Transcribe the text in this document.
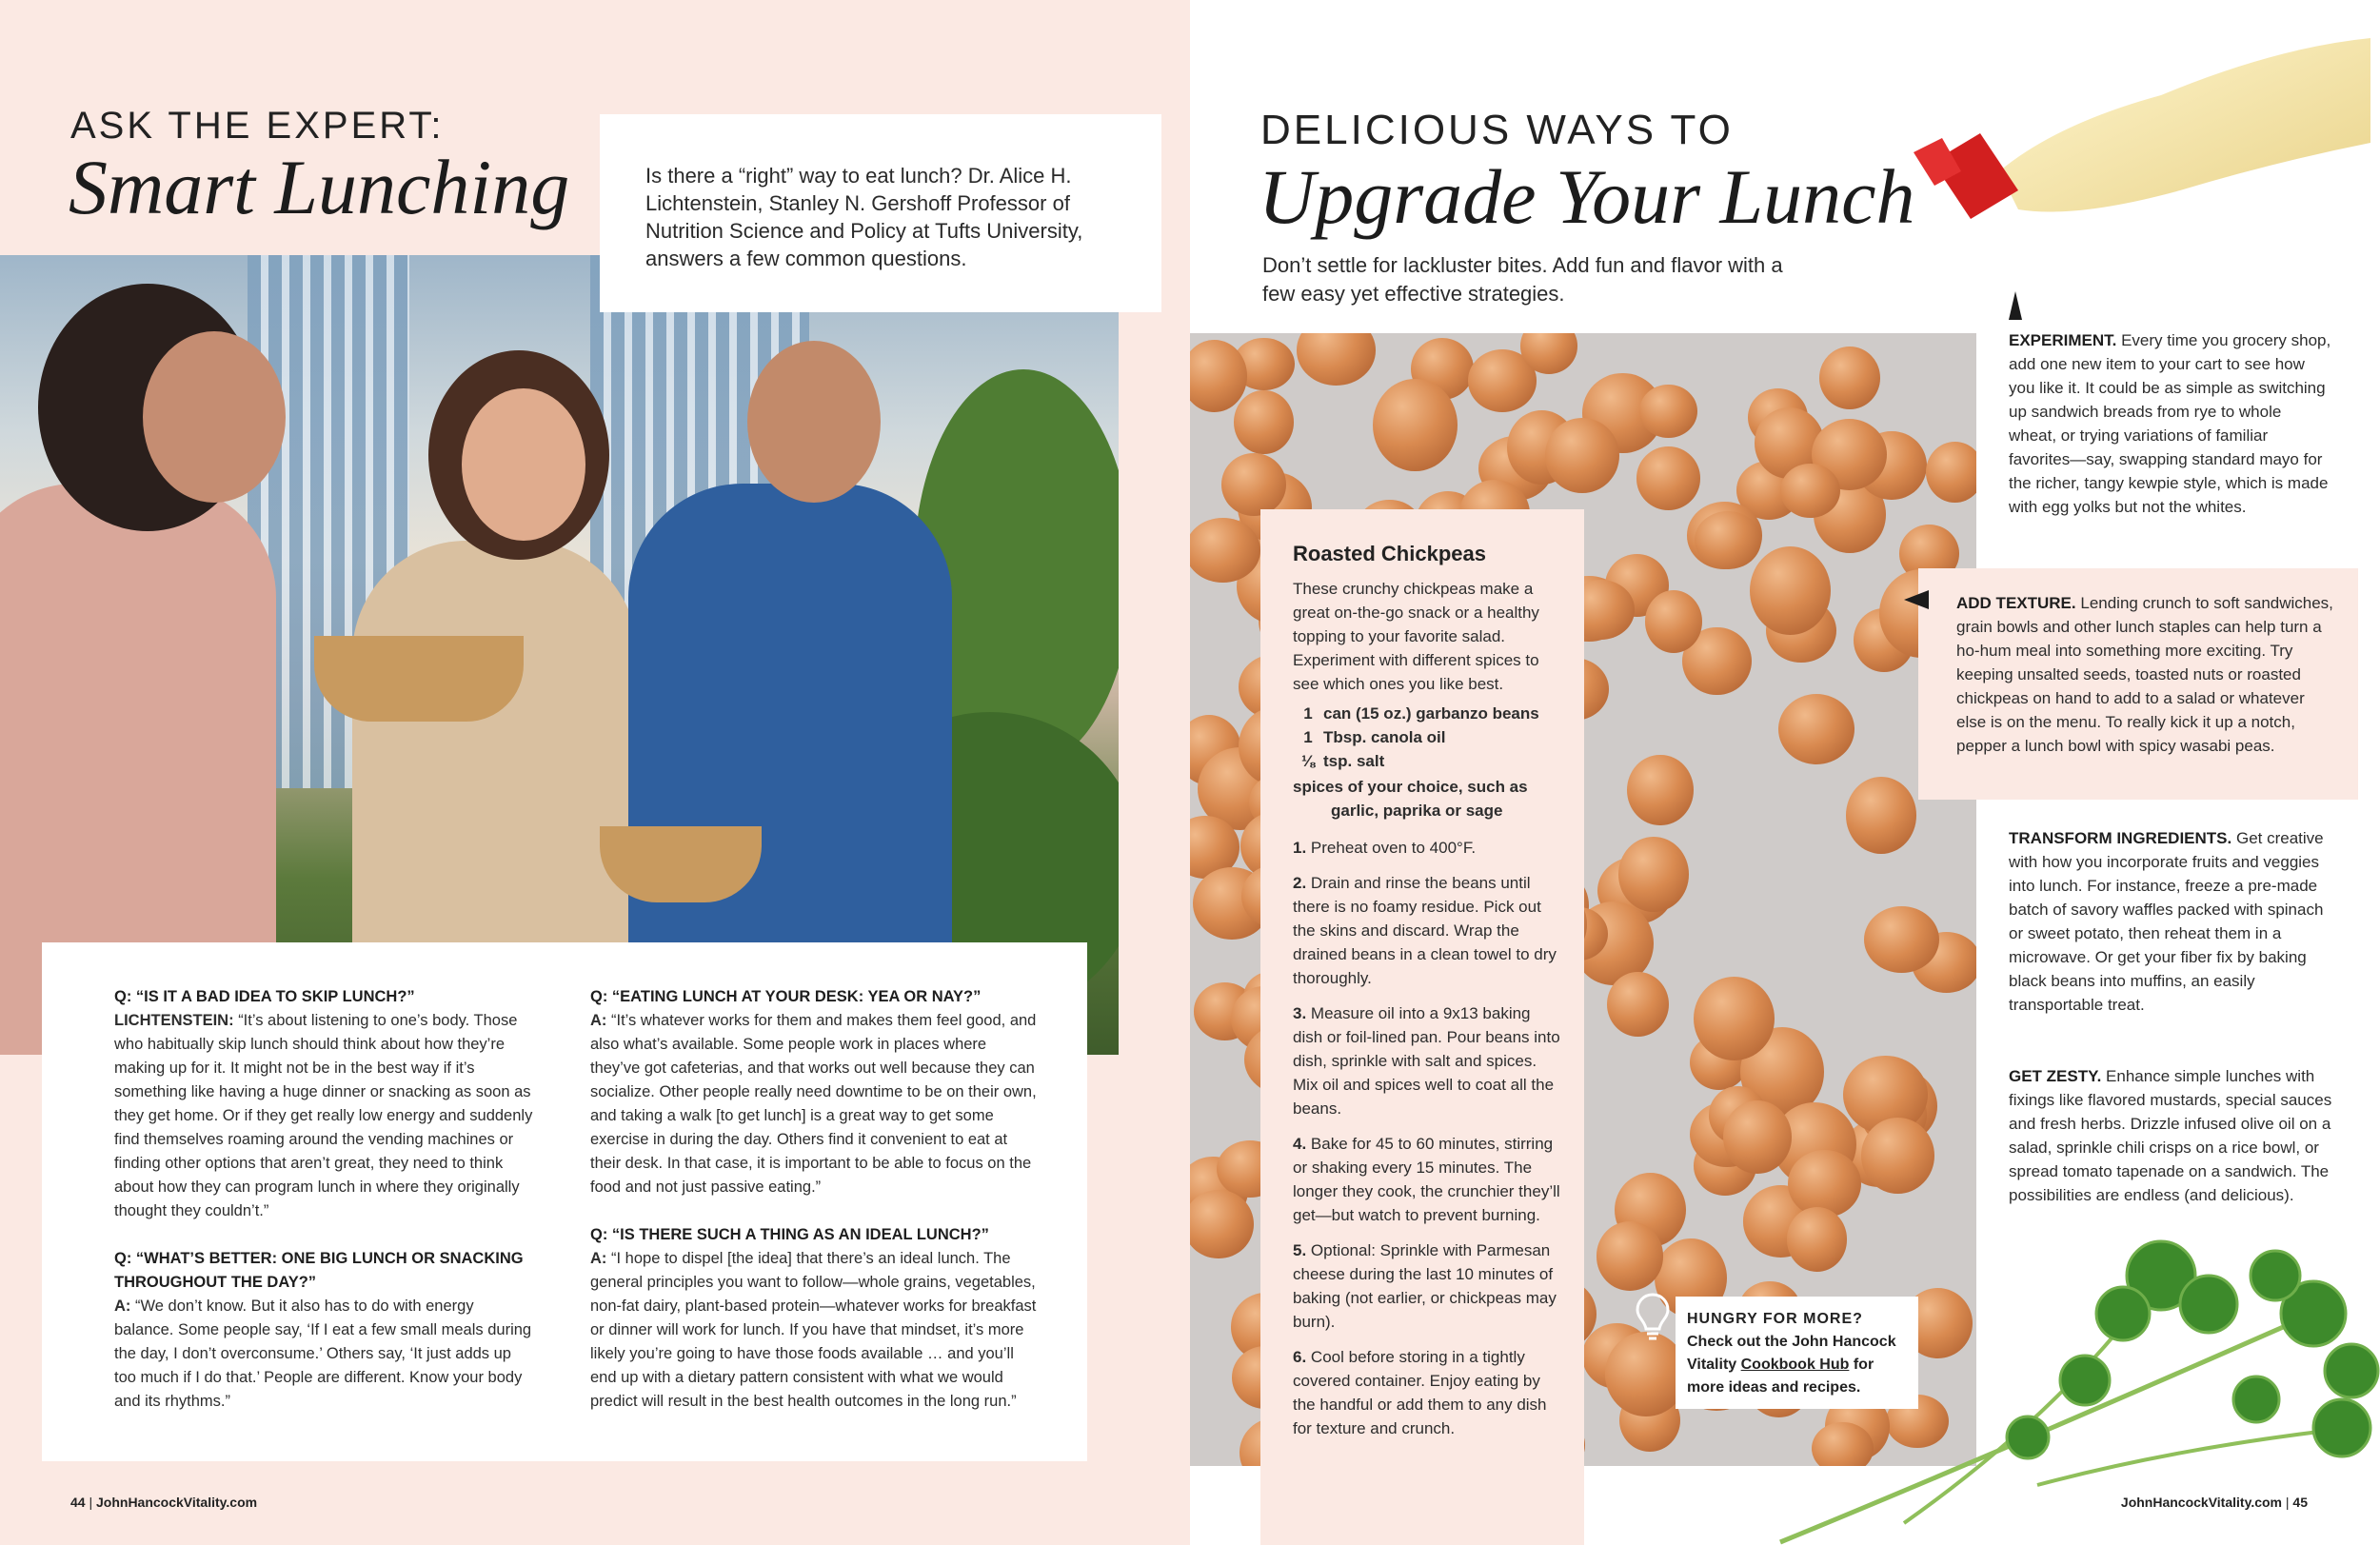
ASK THE EXPERT:
Smart Lunching	Is there a “right” way to eat lunch? Dr. Alice H. Lichtenstein, Stanley N. Gershoff Professor of Nutrition Science and Policy at Tufts University, answers a few common questions.

Q: “IS IT A BAD IDEA TO SKIP LUNCH?”
LICHTENSTEIN: “It’s about listening to one’s body. Those who habitually skip lunch should think about how they’re making up for it. It might not be in the best way if it’s something like having a huge dinner or snacking as soon as they get home. Or if they get really low energy and suddenly find themselves roaming around the vending machines or finding other options that aren’t great, they need to think about how they can program lunch in where they originally thought they couldn’t.”

Q: “WHAT’S BETTER: ONE BIG LUNCH OR SNACKING THROUGHOUT THE DAY?”
A: “We don’t know. But it also has to do with energy balance. Some people say, ‘If I eat a few small meals during the day, I don’t overconsume.’ Others say, ‘It just adds up too much if I do that.’ People are different. Know your body and its rhythms.”

Q: “EATING LUNCH AT YOUR DESK: YEA OR NAY?”
A: “It’s whatever works for them and makes them feel good, and also what’s available. Some people work in places where they’ve got cafeterias, and that works out well because they can socialize. Other people really need downtime to be on their own, and taking a walk [to get lunch] is a great way to get some exercise in during the day. Others find it convenient to eat at their desk. In that case, it is important to be able to focus on the food and not just passive eating.”

Q: “IS THERE SUCH A THING AS AN IDEAL LUNCH?”
A: “I hope to dispel [the idea] that there’s an ideal lunch. The general principles you want to follow—whole grains, vegetables, non-fat dairy, plant-based protein—whatever works for breakfast or dinner will work for lunch. If you have that mindset, it’s more likely you’re going to have those foods available … and you’ll end up with a dietary pattern consistent with what we would predict will result in the best health outcomes in the long run.”

44 | JohnHancockVitality.com
DELICIOUS WAYS TO
Upgrade Your Lunch
Don’t settle for lackluster bites. Add fun and flavor with a few easy yet effective strategies.
Roasted Chickpeas

These crunchy chickpeas make a great on-the-go snack or a healthy topping to your favorite salad. Experiment with different spices to see which ones you like best.

1 can (15 oz.) garbanzo beans
1 Tbsp. canola oil
⅛ tsp. salt
spices of your choice, such as
garlic, paprika or sage

1. Preheat oven to 400°F.

2. Drain and rinse the beans until there is no foamy residue. Pick out the skins and discard. Wrap the drained beans in a clean towel to dry thoroughly.

3. Measure oil into a 9x13 baking dish or foil-lined pan. Pour beans into dish, sprinkle with salt and spices. Mix oil and spices well to coat all the beans.

4. Bake for 45 to 60 minutes, stirring or shaking every 15 minutes. The longer they cook, the crunchier they’ll get—but watch to prevent burning.

5. Optional: Sprinkle with Parmesan cheese during the last 10 minutes of baking (not earlier, or chickpeas may burn).

6. Cool before storing in a tightly covered container. Enjoy eating by the handful or add them to any dish for texture and crunch.

EXPERIMENT. Every time you grocery shop, add one new item to your cart to see how you like it. It could be as simple as switching up sandwich breads from rye to whole wheat, or trying variations of familiar favorites—say, swapping standard mayo for the richer, tangy kewpie style, which is made with egg yolks but not the whites.
ADD TEXTURE. Lending crunch to soft sandwiches, grain bowls and other lunch staples can help turn a ho-hum meal into something more exciting. Try keeping unsalted seeds, toasted nuts or roasted chickpeas on hand to add to a salad or whatever else is on the menu. To really kick it up a notch, pepper a lunch bowl with spicy wasabi peas.
TRANSFORM INGREDIENTS. Get creative with how you incorporate fruits and veggies into lunch. For instance, freeze a pre-made batch of savory waffles packed with spinach or sweet potato, then reheat them in a microwave. Or get your fiber fix by baking black beans into muffins, an easily transportable treat.
GET ZESTY. Enhance simple lunches with fixings like flavored mustards, special sauces and fresh herbs. Drizzle infused olive oil on a salad, sprinkle chili crisps on a rice bowl, or spread tomato tapenade on a sandwich. The possibilities are endless (and delicious).
HUNGRY FOR MORE?
Check out the John Hancock Vitality Cookbook Hub for more ideas and recipes.
JohnHancockVitality.com | 45
